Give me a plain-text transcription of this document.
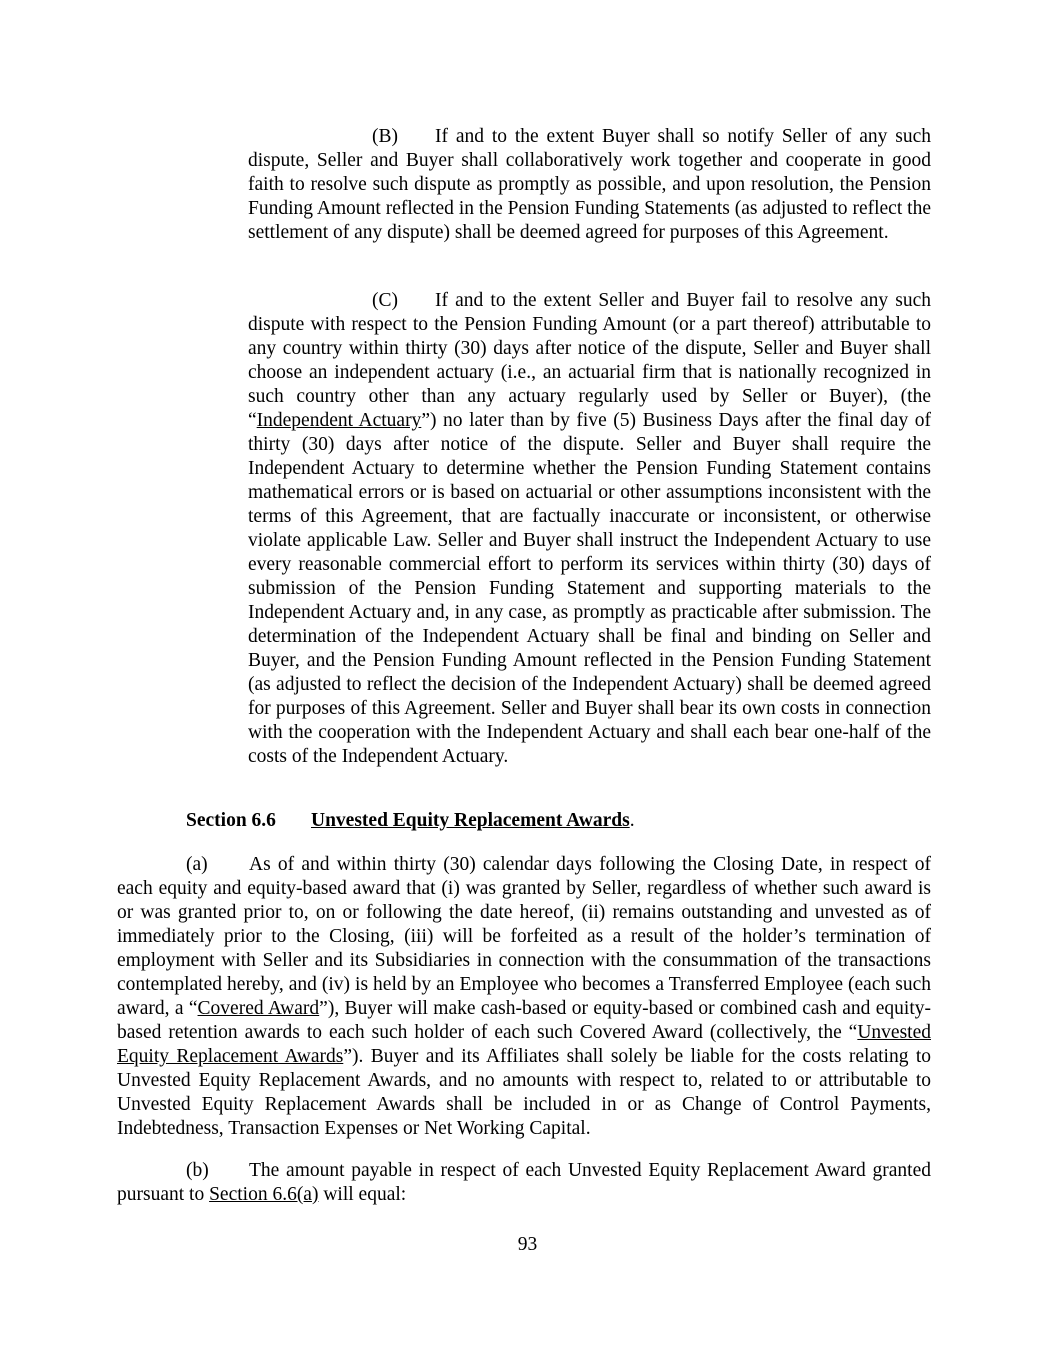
(B) If and to the extent Buyer shall so notify Seller of any such dispute, Seller and Buyer shall collaboratively work together and cooperate in good faith to resolve such dispute as promptly as possible, and upon resolution, the Pension Funding Amount reflected in the Pension Funding Statements (as adjusted to reflect the settlement of any dispute) shall be deemed agreed for purposes of this Agreement.

(C) If and to the extent Seller and Buyer fail to resolve any such dispute with respect to the Pension Funding Amount (or a part thereof) attributable to any country within thirty (30) days after notice of the dispute, Seller and Buyer shall choose an independent actuary (i.e., an actuarial firm that is nationally recognized in such country other than any actuary regularly used by Seller or Buyer), (the “Independent Actuary”) no later than by five (5) Business Days after the final day of thirty (30) days after notice of the dispute. Seller and Buyer shall require the Independent Actuary to determine whether the Pension Funding Statement contains mathematical errors or is based on actuarial or other assumptions inconsistent with the terms of this Agreement, that are factually inaccurate or inconsistent, or otherwise violate applicable Law. Seller and Buyer shall instruct the Independent Actuary to use every reasonable commercial effort to perform its services within thirty (30) days of submission of the Pension Funding Statement and supporting materials to the Independent Actuary and, in any case, as promptly as practicable after submission. The determination of the Independent Actuary shall be final and binding on Seller and Buyer, and the Pension Funding Amount reflected in the Pension Funding Statement (as adjusted to reflect the decision of the Independent Actuary) shall be deemed agreed for purposes of this Agreement. Seller and Buyer shall bear its own costs in connection with the cooperation with the Independent Actuary and shall each bear one-half of the costs of the Independent Actuary.

Section 6.6 Unvested Equity Replacement Awards.

(a) As of and within thirty (30) calendar days following the Closing Date, in respect of each equity and equity-based award that (i) was granted by Seller, regardless of whether such award is or was granted prior to, on or following the date hereof, (ii) remains outstanding and unvested as of immediately prior to the Closing, (iii) will be forfeited as a result of the holder’s termination of employment with Seller and its Subsidiaries in connection with the consummation of the transactions contemplated hereby, and (iv) is held by an Employee who becomes a Transferred Employee (each such award, a “Covered Award”), Buyer will make cash-based or equity-based or combined cash and equity-based retention awards to each such holder of each such Covered Award (collectively, the “Unvested Equity Replacement Awards”). Buyer and its Affiliates shall solely be liable for the costs relating to Unvested Equity Replacement Awards, and no amounts with respect to, related to or attributable to Unvested Equity Replacement Awards shall be included in or as Change of Control Payments, Indebtedness, Transaction Expenses or Net Working Capital.

(b) The amount payable in respect of each Unvested Equity Replacement Award granted pursuant to Section 6.6(a) will equal:

93
